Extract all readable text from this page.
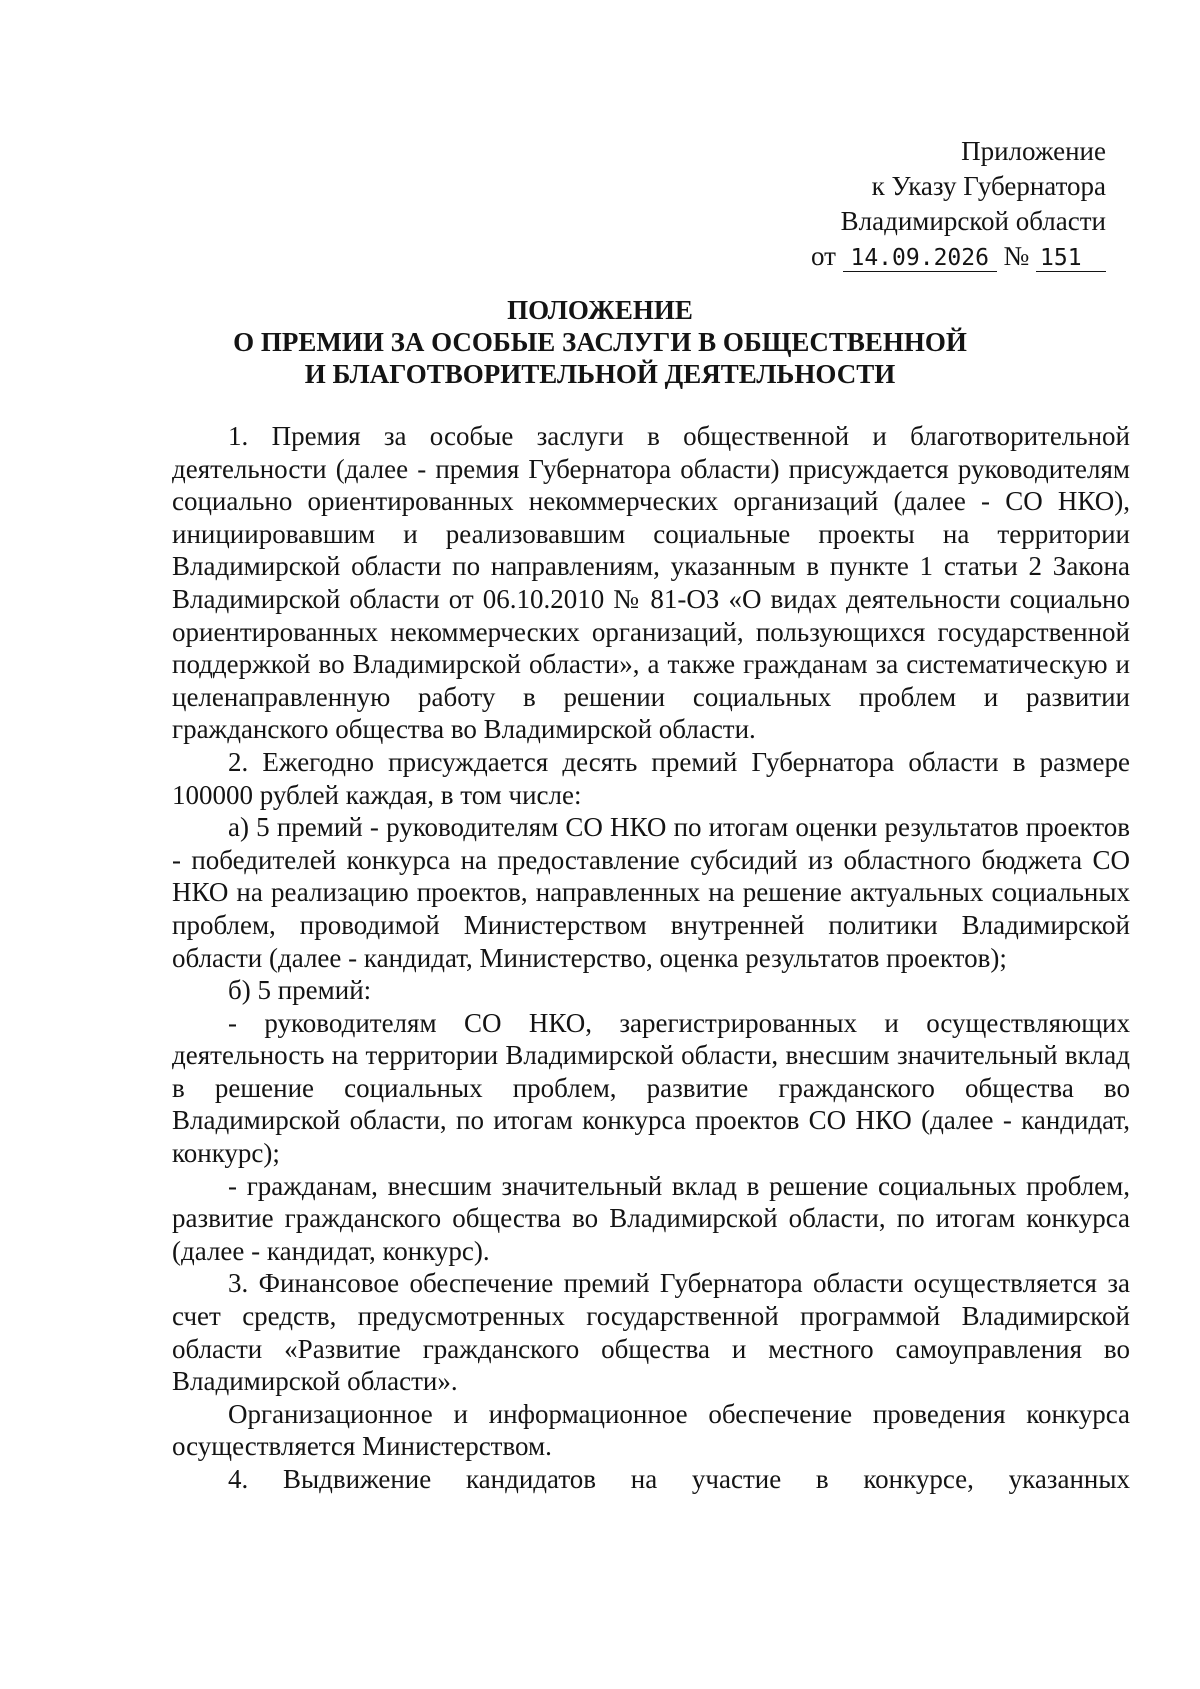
Приложение
к Указу Губернатора
Владимирской области
от 14.09.2026 № 151
ПОЛОЖЕНИЕ
О ПРЕМИИ ЗА ОСОБЫЕ ЗАСЛУГИ В ОБЩЕСТВЕННОЙ
И БЛАГОТВОРИТЕЛЬНОЙ ДЕЯТЕЛЬНОСТИ

1. Премия за особые заслуги в общественной и благотворительной деятельности (далее - премия Губернатора области) присуждается руководителям социально ориентированных некоммерческих организаций (далее - СО НКО), инициировавшим и реализовавшим социальные проекты на территории Владимирской области по направлениям, указанным в пункте 1 статьи 2 Закона Владимирской области от 06.10.2010 № 81-ОЗ «О видах деятельности социально ориентированных некоммерческих организаций, пользующихся государственной поддержкой во Владимирской области», а также гражданам за систематическую и целенаправленную работу в решении социальных проблем и развитии гражданского общества во Владимирской области.

2. Ежегодно присуждается десять премий Губернатора области в размере 100000 рублей каждая, в том числе:

а) 5 премий - руководителям СО НКО по итогам оценки результатов проектов - победителей конкурса на предоставление субсидий из областного бюджета СО НКО на реализацию проектов, направленных на решение актуальных социальных проблем, проводимой Министерством внутренней политики Владимирской области (далее - кандидат, Министерство, оценка результатов проектов);

б) 5 премий:

- руководителям СО НКО, зарегистрированных и осуществляющих деятельность на территории Владимирской области, внесшим значительный вклад в решение социальных проблем, развитие гражданского общества во Владимирской области, по итогам конкурса проектов СО НКО (далее - кандидат, конкурс);

- гражданам, внесшим значительный вклад в решение социальных проблем, развитие гражданского общества во Владимирской области, по итогам конкурса (далее - кандидат, конкурс).

3. Финансовое обеспечение премий Губернатора области осуществляется за счет средств, предусмотренных государственной программой Владимирской области «Развитие гражданского общества и местного самоуправления во Владимирской области».

Организационное и информационное обеспечение проведения конкурса осуществляется Министерством.

4. Выдвижение кандидатов на участие в конкурсе, указанных
